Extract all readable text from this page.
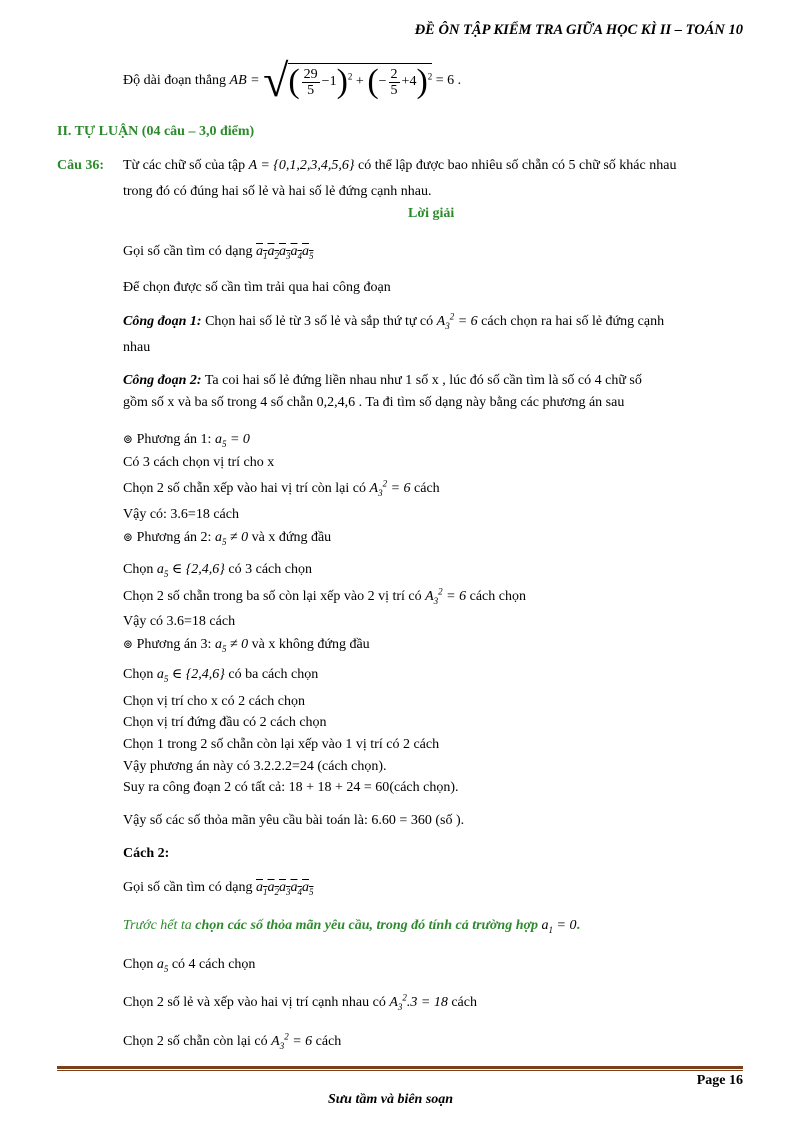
ĐỀ ÔN TẬP KIỂM TRA GIỮA HỌC KÌ II – TOÁN 10
Độ dài đoạn thẳng AB = √( $\frac{29}{5} -1)^2$ + (− $\frac{2}{5} +4)^2 = 6$ .
II. TỰ LUẬN (04 câu – 3,0 điểm)
Câu 36: Từ các chữ số của tập A = {0,1,2,3,4,5,6} có thể lập được bao nhiêu số chẵn có 5 chữ số khác nhau
trong đó có đúng hai số lẻ và hai số lẻ đứng cạnh nhau.
Lời giải
Gọi số cần tìm có dạng $a_1a_2a_3a_4a_5$
Để chọn được số cần tìm trải qua hai công đoạn
Công đoạn 1: Chọn hai số lẻ từ 3 số lẻ và sắp thứ tự có $A_3^2 = 6$ cách chọn ra hai số lẻ đứng cạnh
nhau
Công đoạn 2: Ta coi hai số lẻ đứng liền nhau như 1 số x , lúc đó số cần tìm là số có 4 chữ số
gồm số x và ba số trong 4 số chẵn 0,2,4,6 . Ta đi tìm số dạng này bằng các phương án sau
⊚ Phương án 1: $a_5 = 0$
Có 3 cách chọn vị trí cho x
Chọn 2 số chẵn xếp vào hai vị trí còn lại có $A_3^2 = 6$ cách
Vậy có: 3.6=18 cách
⊚ Phương án 2: $a_5 \ne 0$ và x đứng đầu
Chọn $a_5$ ∈ {2,4,6} có 3 cách chọn
Chọn 2 số chẵn trong ba số còn lại xếp vào 2 vị trí có $A_3^2 = 6$ cách chọn
Vậy có 3.6=18 cách
⊚ Phương án 3: $a_5 \ne 0$ và x không đứng đầu
Chọn $a_5$ ∈ {2,4,6} có ba cách chọn
Chọn vị trí cho x có 2 cách chọn
Chọn vị trí đứng đầu có 2 cách chọn
Chọn 1 trong 2 số chẵn còn lại xếp vào 1 vị trí có 2 cách
Vậy phương án này có 3.2.2.2=24 (cách chọn).
Suy ra công đoạn 2 có tất cả: 18 + 18 + 24 = 60(cách chọn).
Vậy số các số thỏa mãn yêu cầu bài toán là: 6.60 = 360 (số ).
Cách 2:
Gọi số cần tìm có dạng $a_1a_2a_3a_4a_5$
Trước hết ta chọn các số thỏa mãn yêu cầu, trong đó tính cả trường hợp $a_1 = 0$.
Chọn $a_5$ có 4 cách chọn
Chọn 2 số lẻ và xếp vào hai vị trí cạnh nhau có $A_3^2.3 = 18$ cách
Chọn 2 số chẵn còn lại có $A_3^2 = 6$ cách
Page 16
Sưu tầm và biên soạn
